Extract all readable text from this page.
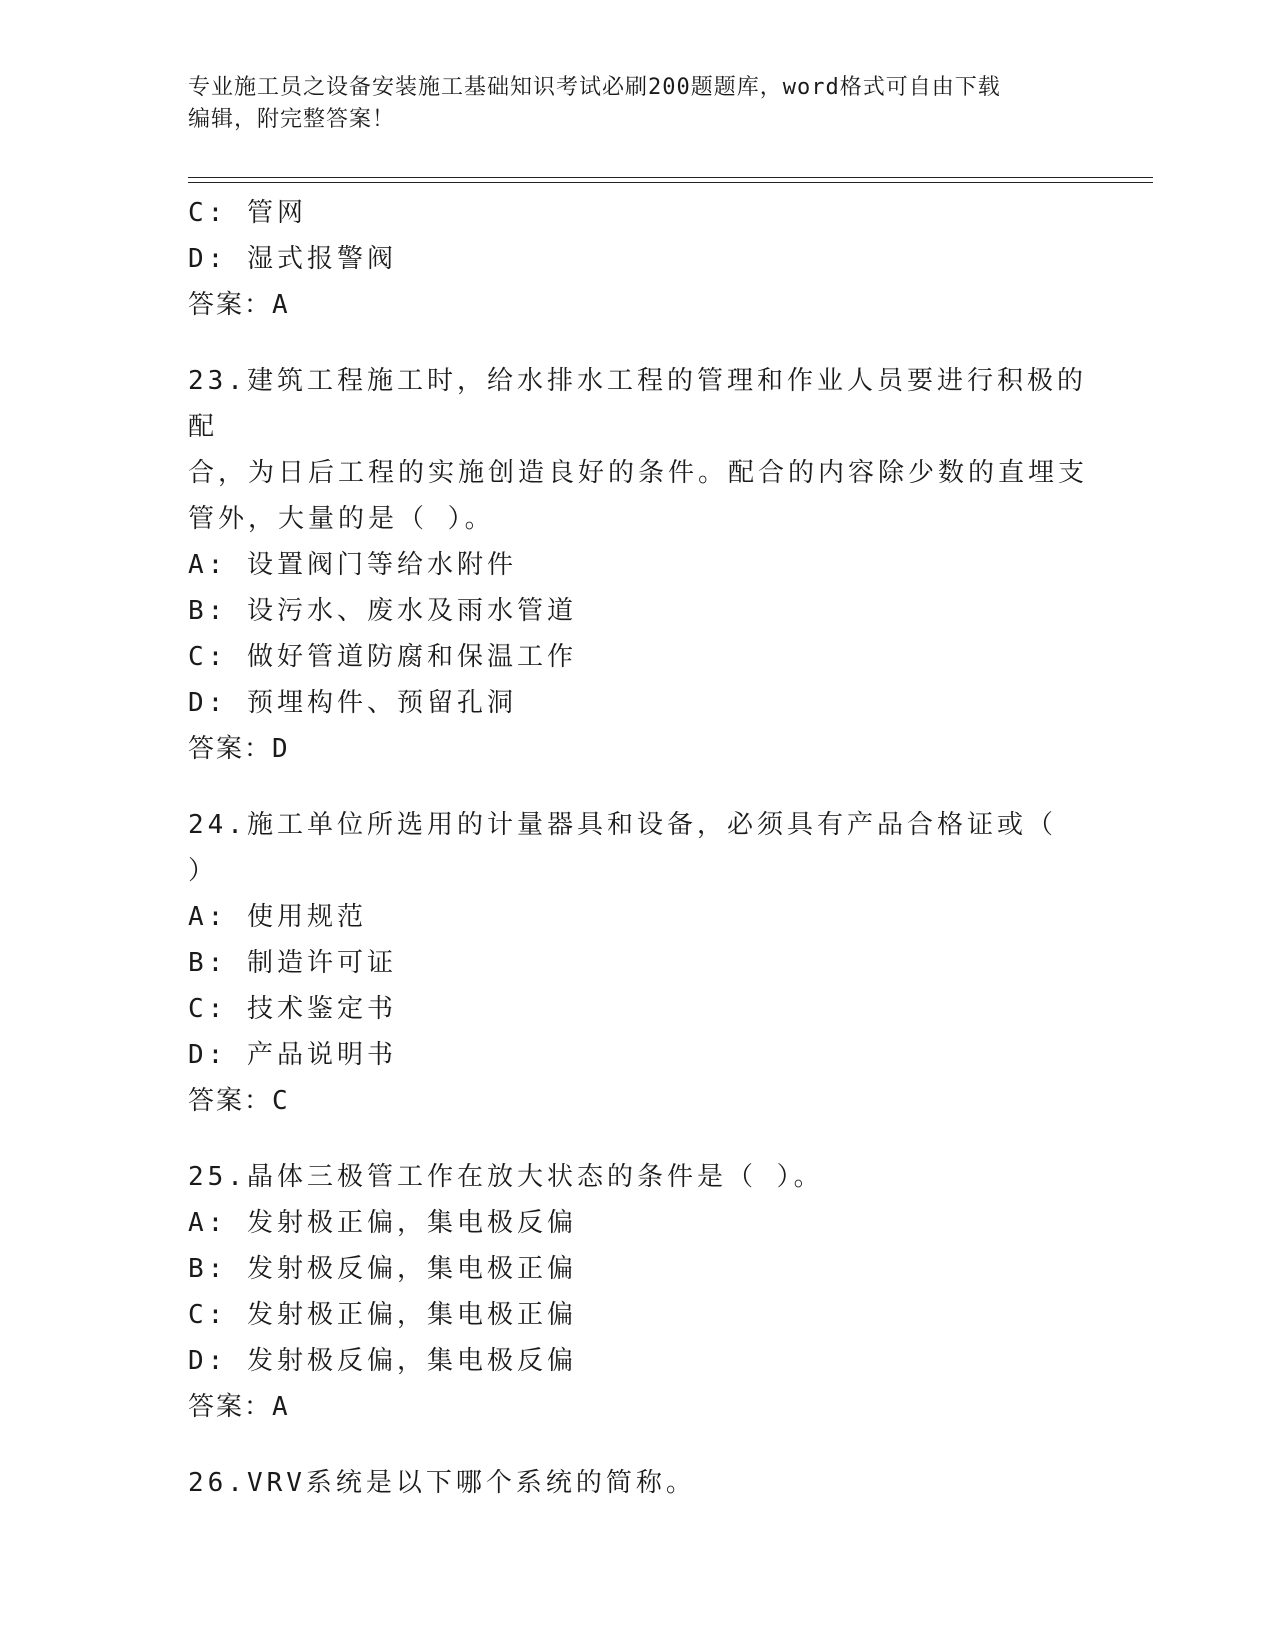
专业施工员之设备安装施工基础知识考试必刷200题题库，word格式可自由下载
编辑，附完整答案！
C: 管网
D: 湿式报警阀
答案：A
23.建筑工程施工时，给水排水工程的管理和作业人员要进行积极的配
合，为日后工程的实施创造良好的条件。配合的内容除少数的直埋支
管外，大量的是（ ）。
A: 设置阀门等给水附件
B: 设污水、废水及雨水管道
C: 做好管道防腐和保温工作
D: 预埋构件、预留孔洞
答案：D
24.施工单位所选用的计量器具和设备，必须具有产品合格证或（ ）
A: 使用规范
B: 制造许可证
C: 技术鉴定书
D: 产品说明书
答案：C
25.晶体三极管工作在放大状态的条件是（ ）。
A: 发射极正偏，集电极反偏
B: 发射极反偏，集电极正偏
C: 发射极正偏，集电极正偏
D: 发射极反偏，集电极反偏
答案：A
26.VRV系统是以下哪个系统的简称。
